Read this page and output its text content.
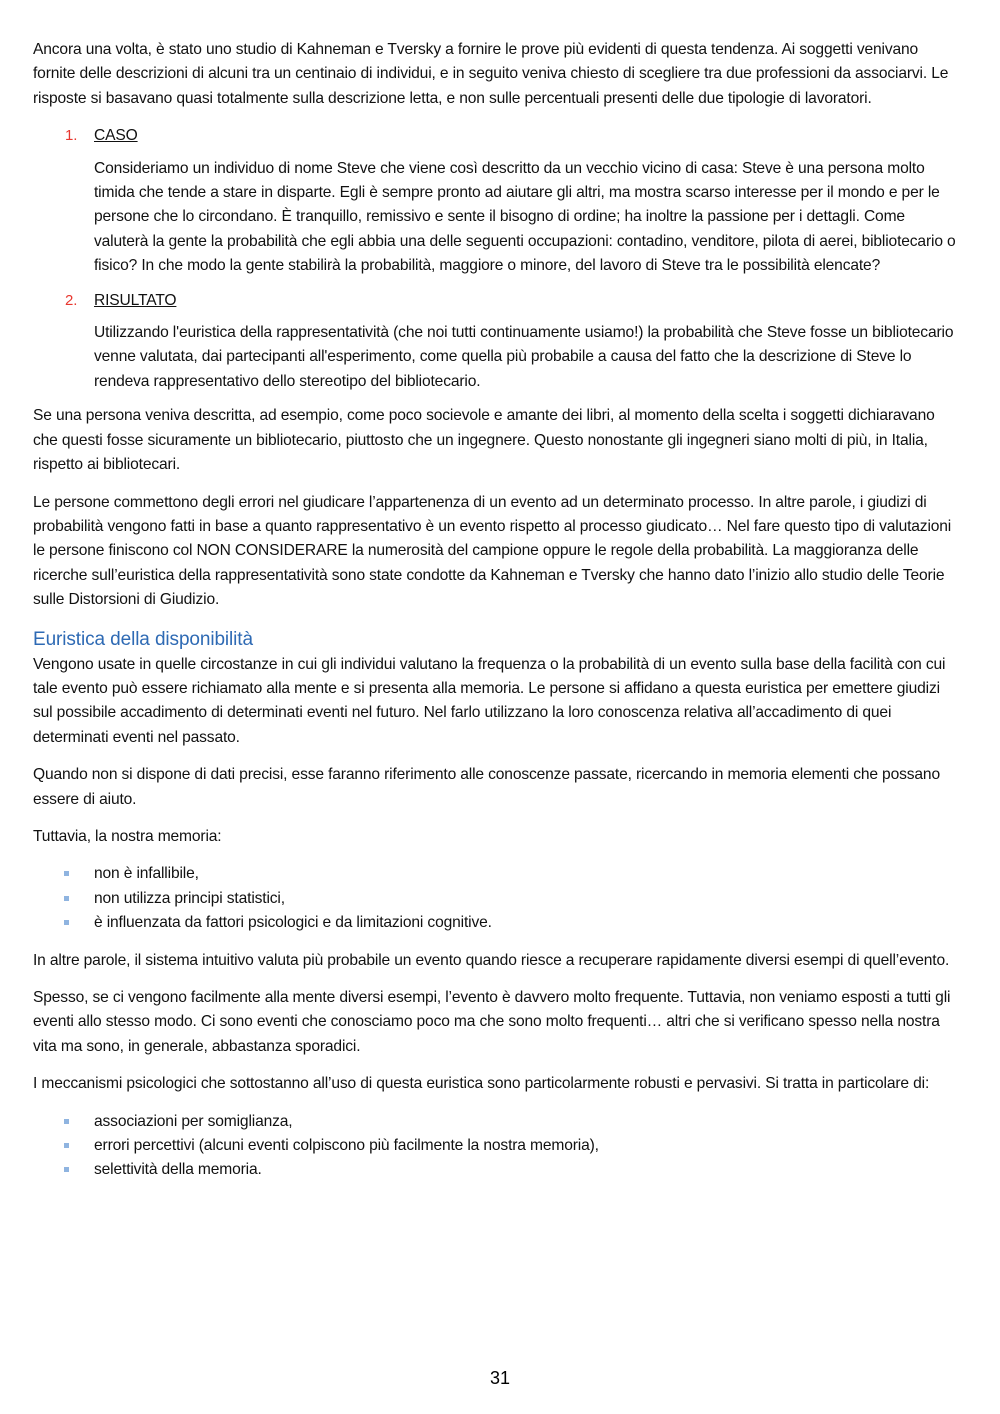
Ancora una volta, è stato uno studio di Kahneman e Tversky a fornire le prove più evidenti di questa tendenza. Ai soggetti venivano fornite delle descrizioni di alcuni tra un centinaio di individui, e in seguito veniva chiesto di scegliere tra due professioni da associarvi. Le risposte si basavano quasi totalmente sulla descrizione letta, e non sulle percentuali presenti delle due tipologie di lavoratori.

1. CASO

Consideriamo un individuo di nome Steve che viene così descritto da un vecchio vicino di casa: Steve è una persona molto timida che tende a stare in disparte. Egli è sempre pronto ad aiutare gli altri, ma mostra scarso interesse per il mondo e per le persone che lo circondano. È tranquillo, remissivo e sente il bisogno di ordine; ha inoltre la passione per i dettagli. Come valuterà la gente la probabilità che egli abbia una delle seguenti occupazioni: contadino, venditore, pilota di aerei, bibliotecario o fisico? In che modo la gente stabilirà la probabilità, maggiore o minore, del lavoro di Steve tra le possibilità elencate?

2. RISULTATO

Utilizzando l'euristica della rappresentatività (che noi tutti continuamente usiamo!) la probabilità che Steve fosse un bibliotecario venne valutata, dai partecipanti all'esperimento, come quella più probabile a causa del fatto che la descrizione di Steve lo rendeva rappresentativo dello stereotipo del bibliotecario.

Se una persona veniva descritta, ad esempio, come poco socievole e amante dei libri, al momento della scelta i soggetti dichiaravano che questi fosse sicuramente un bibliotecario, piuttosto che un ingegnere. Questo nonostante gli ingegneri siano molti di più, in Italia, rispetto ai bibliotecari.

Le persone commettono degli errori nel giudicare l’appartenenza di un evento ad un determinato processo. In altre parole, i giudizi di probabilità vengono fatti in base a quanto rappresentativo è un evento rispetto al processo giudicato… Nel fare questo tipo di valutazioni le persone finiscono col NON CONSIDERARE la numerosità del campione oppure le regole della probabilità. La maggioranza delle ricerche sull’euristica della rappresentatività sono state condotte da Kahneman e Tversky che hanno dato l’inizio allo studio delle Teorie sulle Distorsioni di Giudizio.

Euristica della disponibilità

Vengono usate in quelle circostanze in cui gli individui valutano la frequenza o la probabilità di un evento sulla base della facilità con cui tale evento può essere richiamato alla mente e si presenta alla memoria. Le persone si affidano a questa euristica per emettere giudizi sul possibile accadimento di determinati eventi nel futuro. Nel farlo utilizzano la loro conoscenza relativa all’accadimento di quei determinati eventi nel passato.

Quando non si dispone di dati precisi, esse faranno riferimento alle conoscenze passate, ricercando in memoria elementi che possano essere di aiuto.

Tuttavia, la nostra memoria:

non è infallibile,
non utilizza principi statistici,
è influenzata da fattori psicologici e da limitazioni cognitive.

In altre parole, il sistema intuitivo valuta più probabile un evento quando riesce a recuperare rapidamente diversi esempi di quell’evento.

Spesso, se ci vengono facilmente alla mente diversi esempi, l’evento è davvero molto frequente. Tuttavia, non veniamo esposti a tutti gli eventi allo stesso modo. Ci sono eventi che conosciamo poco ma che sono molto frequenti… altri che si verificano spesso nella nostra vita ma sono, in generale, abbastanza sporadici.

I meccanismi psicologici che sottostanno all’uso di questa euristica sono particolarmente robusti e pervasivi. Si tratta in particolare di:

associazioni per somiglianza,
errori percettivi (alcuni eventi colpiscono più facilmente la nostra memoria),
selettività della memoria.
31
